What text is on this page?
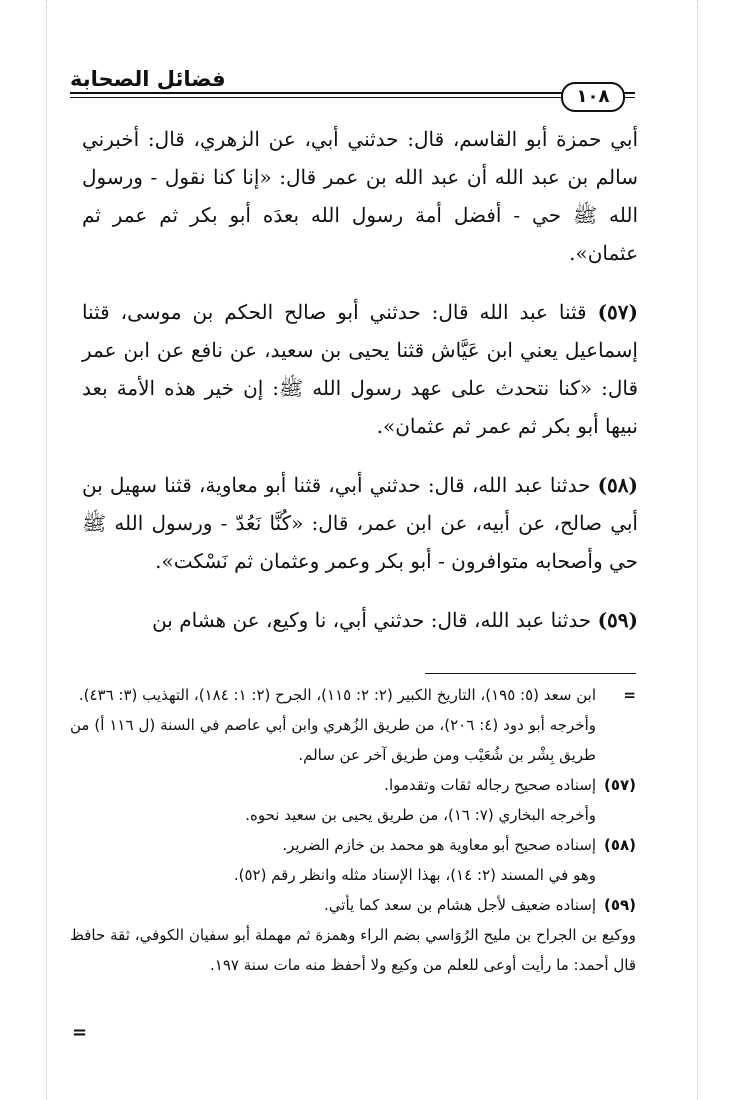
فضائل الصحابة
١٠٨

أبي حمزة أبو القاسم، قال: حدثني أبي، عن الزهري، قال: أخبرني سالم بن عبد الله أن عبد الله بن عمر قال: «إنا كنا نقول - ورسول الله ﷺ حي - أفضل أمة رسول الله بعدَه أبو بكر ثم عمر ثم عثمان».

(٥٧) قثنا عبد الله قال: حدثني أبو صالح الحكم بن موسى، قثنا إسماعيل يعني ابن عَيَّاش قثنا يحيى بن سعيد، عن نافع عن ابن عمر قال: «كنا نتحدث على عهد رسول الله ﷺ: إن خير هذه الأمة بعد نبيها أبو بكر ثم عمر ثم عثمان».

(٥٨) حدثنا عبد الله، قال: حدثني أبي، قثنا أبو معاوية، قثنا سهيل بن أبي صالح، عن أبيه، عن ابن عمر، قال: «كُنَّا نَعُدّ - ورسول الله ﷺ حي وأصحابه متوافرون - أبو بكر وعمر وعثمان ثم نَسْكت».

(٥٩) حدثنا عبد الله، قال: حدثني أبي، نا وكيع، عن هشام بن

=
ابن سعد (٥: ١٩٥)، التاريخ الكبير (٢: ٢: ١١٥)، الجرح (٢: ١: ١٨٤)، التهذيب (٣: ٤٣٦).
وأخرجه أبو دود (٤: ٢٠٦)، من طريق الزُهري وابن أبي عاصم في السنة (ل ١١٦ أ) من طريق بِشْر بن شُعَيْب ومن طريق آخر عن سالم.
(٥٧)
إسناده صحيح رجاله ثقات وتقدموا.
وأخرجه البخاري (٧: ١٦)، من طريق يحيى بن سعيد نحوه.
(٥٨)
إسناده صحيح أبو معاوية هو محمد بن خازم الضرير.
وهو في المسند (٢: ١٤)، بهذا الإسناد مثله وانظر رقم (٥٢).
(٥٩)
إسناده ضعيف لأجل هشام بن سعد كما يأتي.
ووكيع بن الجراح بن مليح الرُوَاسي بضم الراء وهمزة ثم مهملة أبو سفيان الكوفي، ثقة حافظ قال أحمد: ما رأيت أوعى للعلم من وكيع ولا أحفظ منه مات سنة ١٩٧.
=
